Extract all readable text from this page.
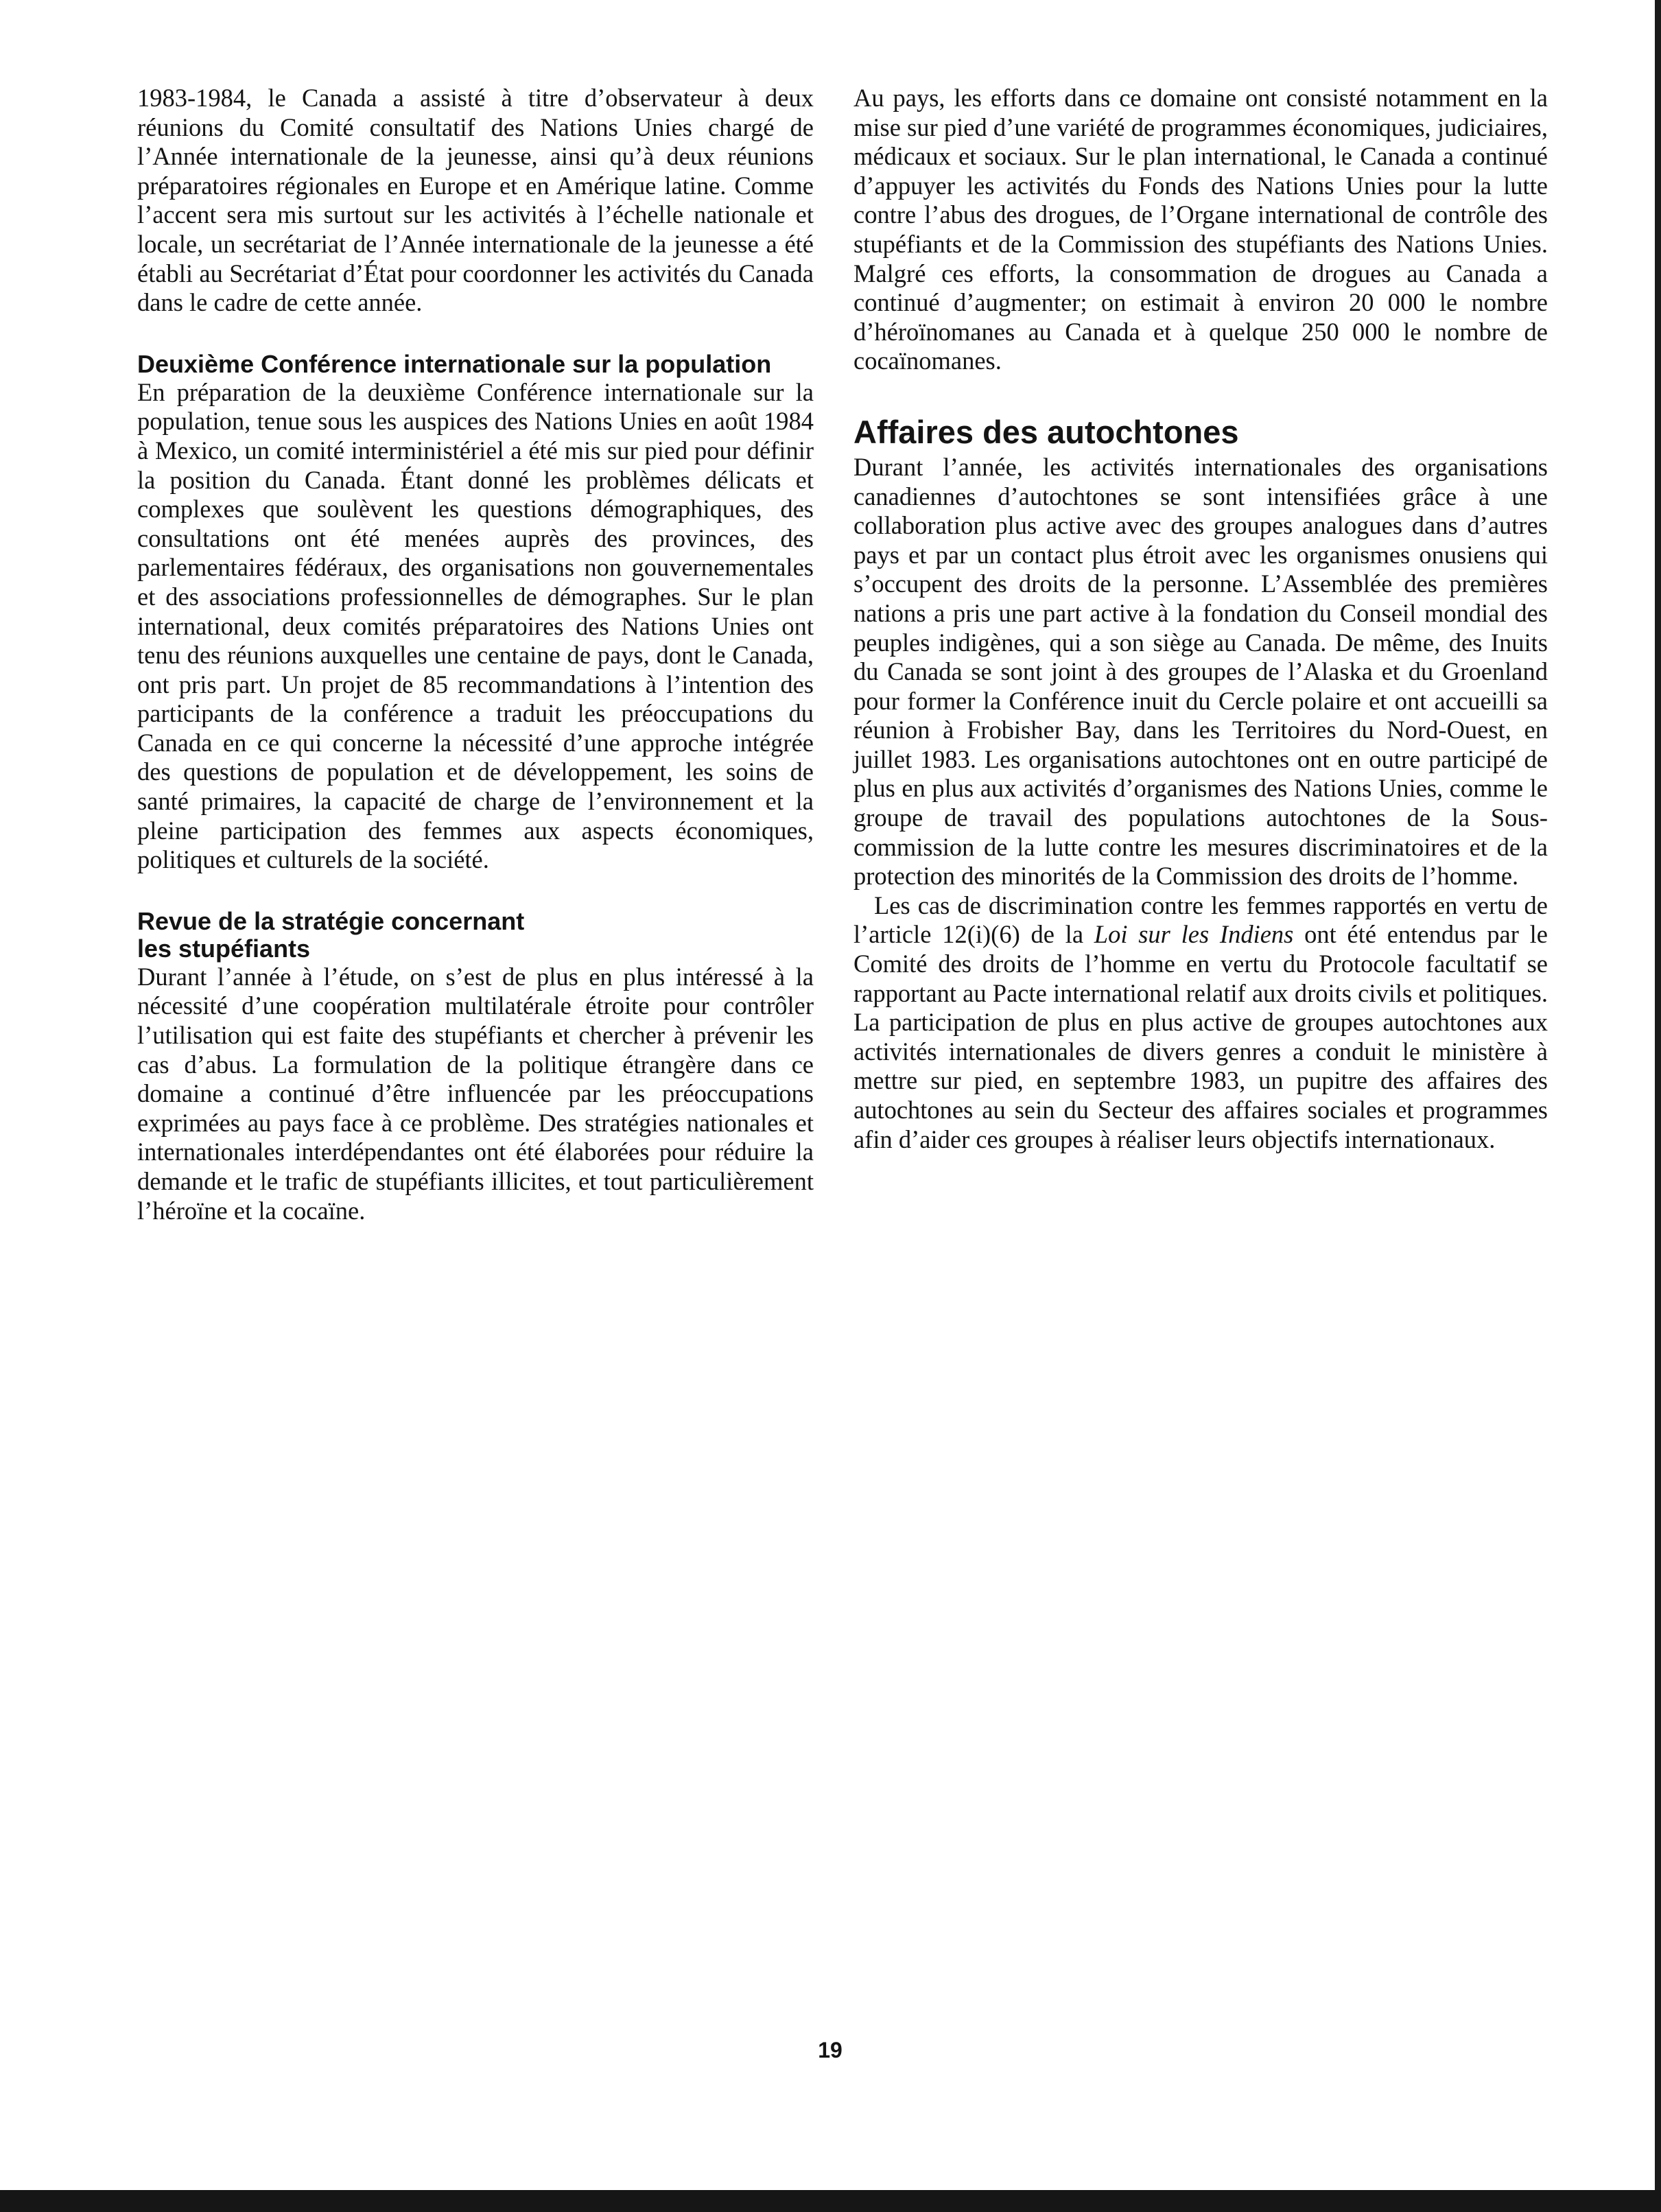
1983-1984, le Canada a assisté à titre d’observateur à deux réunions du Comité consultatif des Nations Unies chargé de l’Année internationale de la jeunesse, ainsi qu’à deux réunions préparatoires régionales en Europe et en Amérique latine. Comme l’accent sera mis surtout sur les activités à l’échelle nationale et locale, un secrétariat de l’Année internationale de la jeunesse a été établi au Secrétariat d’État pour coordonner les activités du Canada dans le cadre de cette année.

Deuxième Conférence internationale sur la population

En préparation de la deuxième Conférence internationale sur la population, tenue sous les auspices des Nations Unies en août 1984 à Mexico, un comité interministériel a été mis sur pied pour définir la position du Canada. Étant donné les problèmes délicats et complexes que soulèvent les questions démographiques, des consultations ont été menées auprès des provinces, des parlementaires fédéraux, des organisations non gouvernementales et des associations professionnelles de démographes. Sur le plan international, deux comités préparatoires des Nations Unies ont tenu des réunions auxquelles une centaine de pays, dont le Canada, ont pris part. Un projet de 85 recommandations à l’intention des participants de la conférence a traduit les préoccupations du Canada en ce qui concerne la nécessité d’une approche intégrée des questions de population et de développement, les soins de santé primaires, la capacité de charge de l’environnement et la pleine participation des femmes aux aspects économiques, politiques et culturels de la société.

Revue de la stratégie concernant
les stupéfiants

Durant l’année à l’étude, on s’est de plus en plus intéressé à la nécessité d’une coopération multilatérale étroite pour contrôler l’utilisation qui est faite des stupéfiants et chercher à prévenir les cas d’abus. La formulation de la politique étrangère dans ce domaine a continué d’être influencée par les préoccupations exprimées au pays face à ce problème. Des stratégies nationales et internationales interdépendantes ont été élaborées pour réduire la demande et le trafic de stupéfiants illicites, et tout particulièrement l’héroïne et la cocaïne.

Au pays, les efforts dans ce domaine ont consisté notamment en la mise sur pied d’une variété de programmes économiques, judiciaires, médicaux et sociaux. Sur le plan international, le Canada a continué d’appuyer les activités du Fonds des Nations Unies pour la lutte contre l’abus des drogues, de l’Organe international de contrôle des stupéfiants et de la Commission des stupéfiants des Nations Unies. Malgré ces efforts, la consommation de drogues au Canada a continué d’augmenter; on estimait à environ 20 000 le nombre d’héroïnomanes au Canada et à quelque 250 000 le nombre de cocaïnomanes.

Affaires des autochtones

Durant l’année, les activités internationales des organisations canadiennes d’autochtones se sont intensifiées grâce à une collaboration plus active avec des groupes analogues dans d’autres pays et par un contact plus étroit avec les organismes onusiens qui s’occupent des droits de la personne. L’Assemblée des premières nations a pris une part active à la fondation du Conseil mondial des peuples indigènes, qui a son siège au Canada. De même, des Inuits du Canada se sont joint à des groupes de l’Alaska et du Groenland pour former la Conférence inuit du Cercle polaire et ont accueilli sa réunion à Frobisher Bay, dans les Territoires du Nord-Ouest, en juillet 1983. Les organisations autochtones ont en outre participé de plus en plus aux activités d’organismes des Nations Unies, comme le groupe de travail des populations autochtones de la Sous-commission de la lutte contre les mesures discriminatoires et de la protection des minorités de la Commission des droits de l’homme.

Les cas de discrimination contre les femmes rapportés en vertu de l’article 12(i)(6) de la Loi sur les Indiens ont été entendus par le Comité des droits de l’homme en vertu du Protocole facultatif se rapportant au Pacte international relatif aux droits civils et politiques. La participation de plus en plus active de groupes autochtones aux activités internationales de divers genres a conduit le ministère à mettre sur pied, en septembre 1983, un pupitre des affaires des autochtones au sein du Secteur des affaires sociales et programmes afin d’aider ces groupes à réaliser leurs objectifs internationaux.

19
